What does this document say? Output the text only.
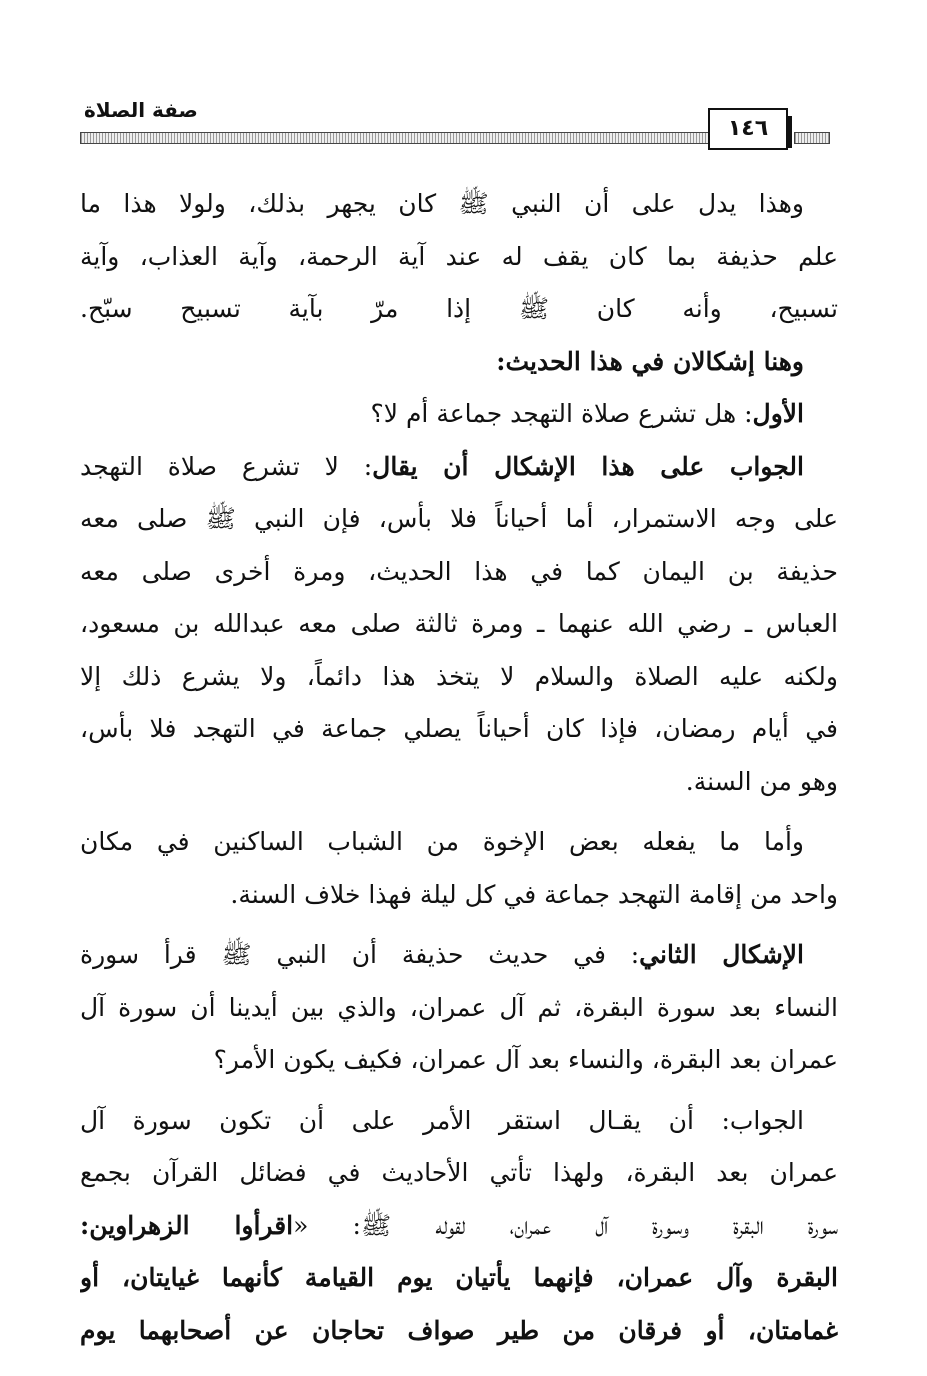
صفة الصلاة
١٤٦
وهذا يدل على أن النبي ﷺ كان يجهر بذلك، ولولا هذا ما
علم حذيفة بما كان يقف له عند آية الرحمة، وآية العذاب، وآية
تسبيح، وأنه كان ﷺ إذا مرّ بآية تسبيح سبّح.
وهنا إشكالان في هذا الحديث:
الأول: هل تشرع صلاة التهجد جماعة أم لا؟
الجواب على هذا الإشكال أن يقال: لا تشرع صلاة التهجد
على وجه الاستمرار، أما أحياناً فلا بأس، فإن النبي ﷺ صلى معه
حذيفة بن اليمان كما في هذا الحديث، ومرة أخرى صلى معه
العباس ـ رضي الله عنهما ـ ومرة ثالثة صلى معه عبدالله بن مسعود،
ولكنه عليه الصلاة والسلام لا يتخذ هذا دائماً، ولا يشرع ذلك إلا
في أيام رمضان، فإذا كان أحياناً يصلي جماعة في التهجد فلا بأس،
وهو من السنة.
وأما ما يفعله بعض الإخوة من الشباب الساكنين في مكان
واحد من إقامة التهجد جماعة في كل ليلة فهذا خلاف السنة.
الإشكال الثاني: في حديث حذيفة أن النبي ﷺ قرأ سورة
النساء بعد سورة البقرة، ثم آل عمران، والذي بين أيدينا أن سورة آل
عمران بعد البقرة، والنساء بعد آل عمران، فكيف يكون الأمر؟
الجواب: أن يقـال استقر الأمر على أن تكون سورة آل
عمران بعد البقرة، ولهذا تأتي الأحاديث في فضائل القرآن بجمع
سورة البقرة وسورة آل عمران، لقوله ﷺ: «اقرأوا الزهراوين:
البقرة وآل عمران، فإنهما يأتيان يوم القيامة كأنهما غيايتان، أو
غمامتان، أو فرقان من طير صواف تحاجان عن أصحابهما يوم
